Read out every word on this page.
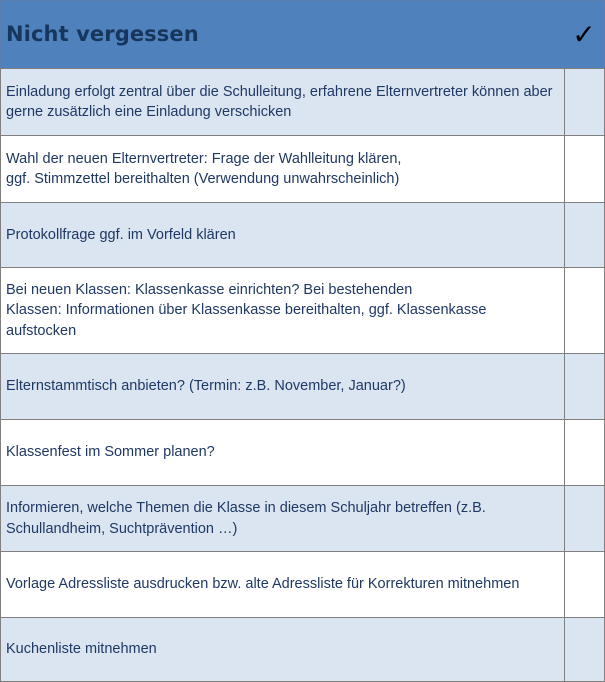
Nicht vergessen	✓
Einladung erfolgt zentral über die Schulleitung, erfahrene Elternvertreter können aber gerne zusätzlich eine Einladung verschicken
Wahl der neuen Elternvertreter: Frage der Wahlleitung klären,
ggf. Stimmzettel bereithalten (Verwendung unwahrscheinlich)
Protokollfrage ggf. im Vorfeld klären
Bei neuen Klassen: Klassenkasse einrichten? Bei bestehenden
Klassen: Informationen über Klassenkasse bereithalten, ggf. Klassenkasse aufstocken
Elternstammtisch anbieten? (Termin: z.B. November, Januar?)
Klassenfest im Sommer planen?
Informieren, welche Themen die Klasse in diesem Schuljahr betreffen (z.B. Schullandheim, Suchtprävention …)
Vorlage Adressliste ausdrucken bzw. alte Adressliste für Korrekturen mitnehmen
Kuchenliste mitnehmen
